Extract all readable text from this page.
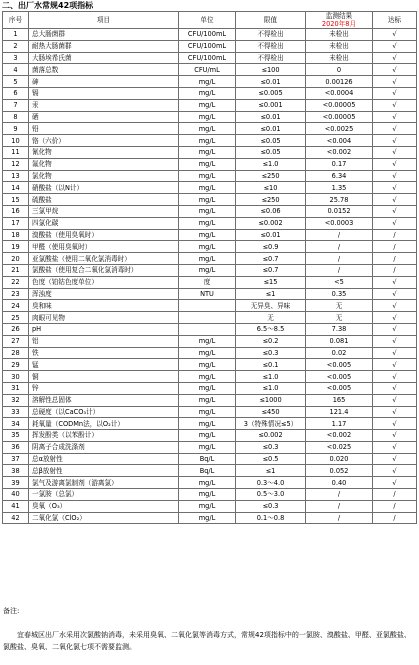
二、出厂水常规42项指标
序号	项目	单位	限值	监测结果
2020年8月	达标
1	总大肠菌群	CFU/100mL	不得检出	未检出	√
2	耐热大肠菌群	CFU/100mL	不得检出	未检出	√
3	大肠埃希氏菌	CFU/100mL	不得检出	未检出	√
4	菌落总数	CFU/mL	≤100	0	√
5	砷	mg/L	≤0.01	0.00126	√
6	镉	mg/L	≤0.005	<0.0004	√
7	汞	mg/L	≤0.001	<0.00005	√
8	硒	mg/L	≤0.01	<0.00005	√
9	铅	mg/L	≤0.01	<0.0025	√
10	铬（六价）	mg/L	≤0.05	<0.004	√
11	氰化物	mg/L	≤0.05	<0.002	√
12	氟化物	mg/L	≤1.0	0.17	√
13	氯化物	mg/L	≤250	6.34	√
14	硝酸盐（以N计）	mg/L	≤10	1.35	√
15	硫酸盐	mg/L	≤250	25.78	√
16	三氯甲烷	mg/L	≤0.06	0.0152	√
17	四氯化碳	mg/L	≤0.002	<0.0003	√
18	溴酸盐（使用臭氧时）	mg/L	≤0.01	/	/
19	甲醛（使用臭氧时）	mg/L	≤0.9	/	/
20	亚氯酸盐（使用二氧化氯消毒时）	mg/L	≤0.7	/	/
21	氯酸盐（使用复合二氧化氯消毒时）	mg/L	≤0.7	/	/
22	色度（铂钴色度单位）	度	≤15	<5	√
23	浑浊度	NTU	≤1	0.35	√
24	臭和味		无异臭、异味	无	√
25	肉眼可见物		无	无	√
26	pH		6.5～8.5	7.38	√
27	铝	mg/L	≤0.2	0.081	√
28	铁	mg/L	≤0.3	0.02	√
29	锰	mg/L	≤0.1	<0.005	√
30	铜	mg/L	≤1.0	<0.005	√
31	锌	mg/L	≤1.0	<0.005	√
32	溶解性总固体	mg/L	≤1000	165	√
33	总硬度（以CaCO₃计）	mg/L	≤450	121.4	√
34	耗氧量（CODMn法，以O₂计）	mg/L	3（特殊情况≤5）	1.17	√
35	挥发酚类（以苯酚计）	mg/L	≤0.002	<0.002	√
36	阴离子合成洗涤剂	mg/L	≤0.3	<0.025	√
37	总α放射性	Bq/L	≤0.5	0.020	√
38	总β放射性	Bq/L	≤1	0.052	√
39	氯气及游离氯制剂（游离氯）	mg/L	0.3～4.0	0.40	√
40	一氯胺（总氯）	mg/L	0.5～3.0	/	/
41	臭氧（O₃）	mg/L	≤0.3	/	/
42	二氧化氯（ClO₂）	mg/L	0.1～0.8	/	/
备注:
宜春城区出厂水采用次氯酸钠消毒，未采用臭氧、二氧化氯等消毒方式，常规42项指标中的一氯胺、溴酸盐、甲醛、亚氯酸盐、氯酸盐、臭氧、二氧化氯七项不需要监测。
